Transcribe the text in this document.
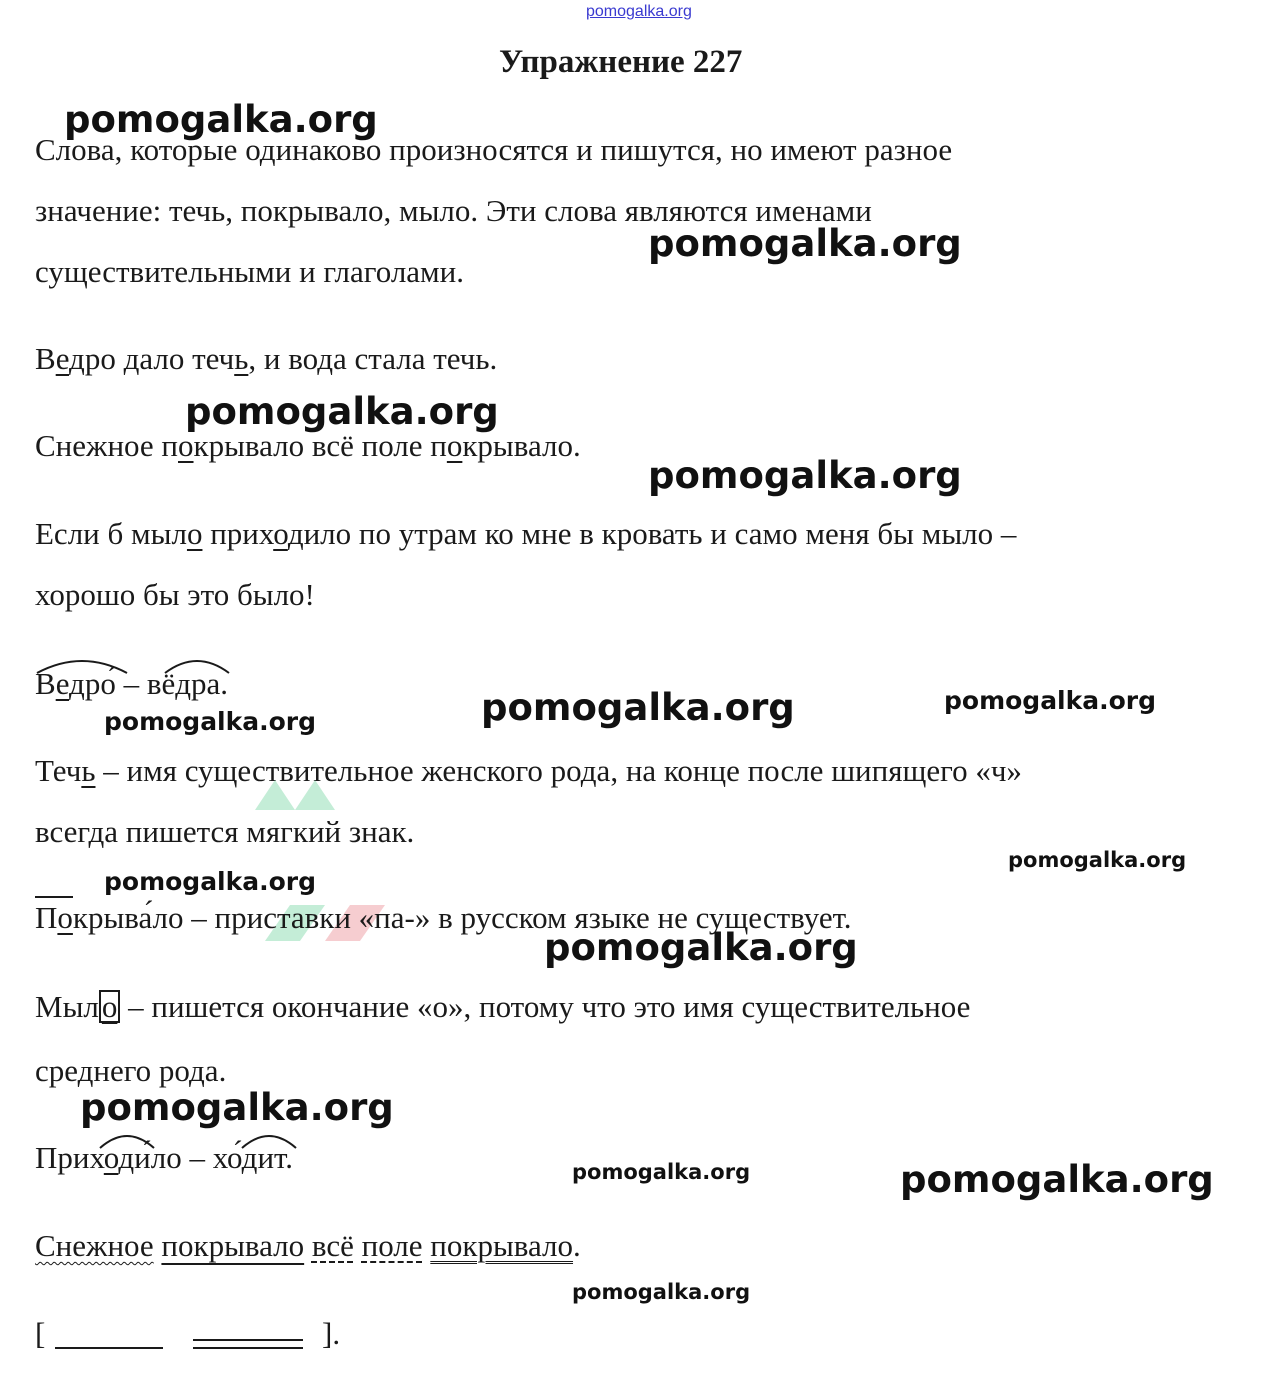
pomogalka.org
Упражнение 227
Слова, которые одинаково произносятся и пишутся, но имеют разное
значение: течь, покрывало, мыло. Эти слова являются именами
существительными и глаголами.
Ведро дало течь, и вода стала течь.
Снежное покрывало всё поле покрывало.
Если б мыло приходило по утрам ко мне в кровать и само меня бы мыло –
хорошо бы это было!
Ведро́ – вёдра.
Течь – имя существительное женского рода, на конце после шипящего «ч»
всегда пишется мягкий знак.
Покрыва́ло – приставки «па-» в русском языке не существует.
Мыло – пишется окончание «о», потому что это имя существительное
среднего рода.
Приходи́ло – хо́дит.
Снежное покрывало всё поле покрывало.
[	].
pomogalka.org
pomogalka.org
pomogalka.org
pomogalka.org
pomogalka.org	pomogalka.org
pomogalka.org
pomogalka.org
pomogalka.org
pomogalka.org
pomogalka.org
pomogalka.org	pomogalka.org
pomogalka.org
